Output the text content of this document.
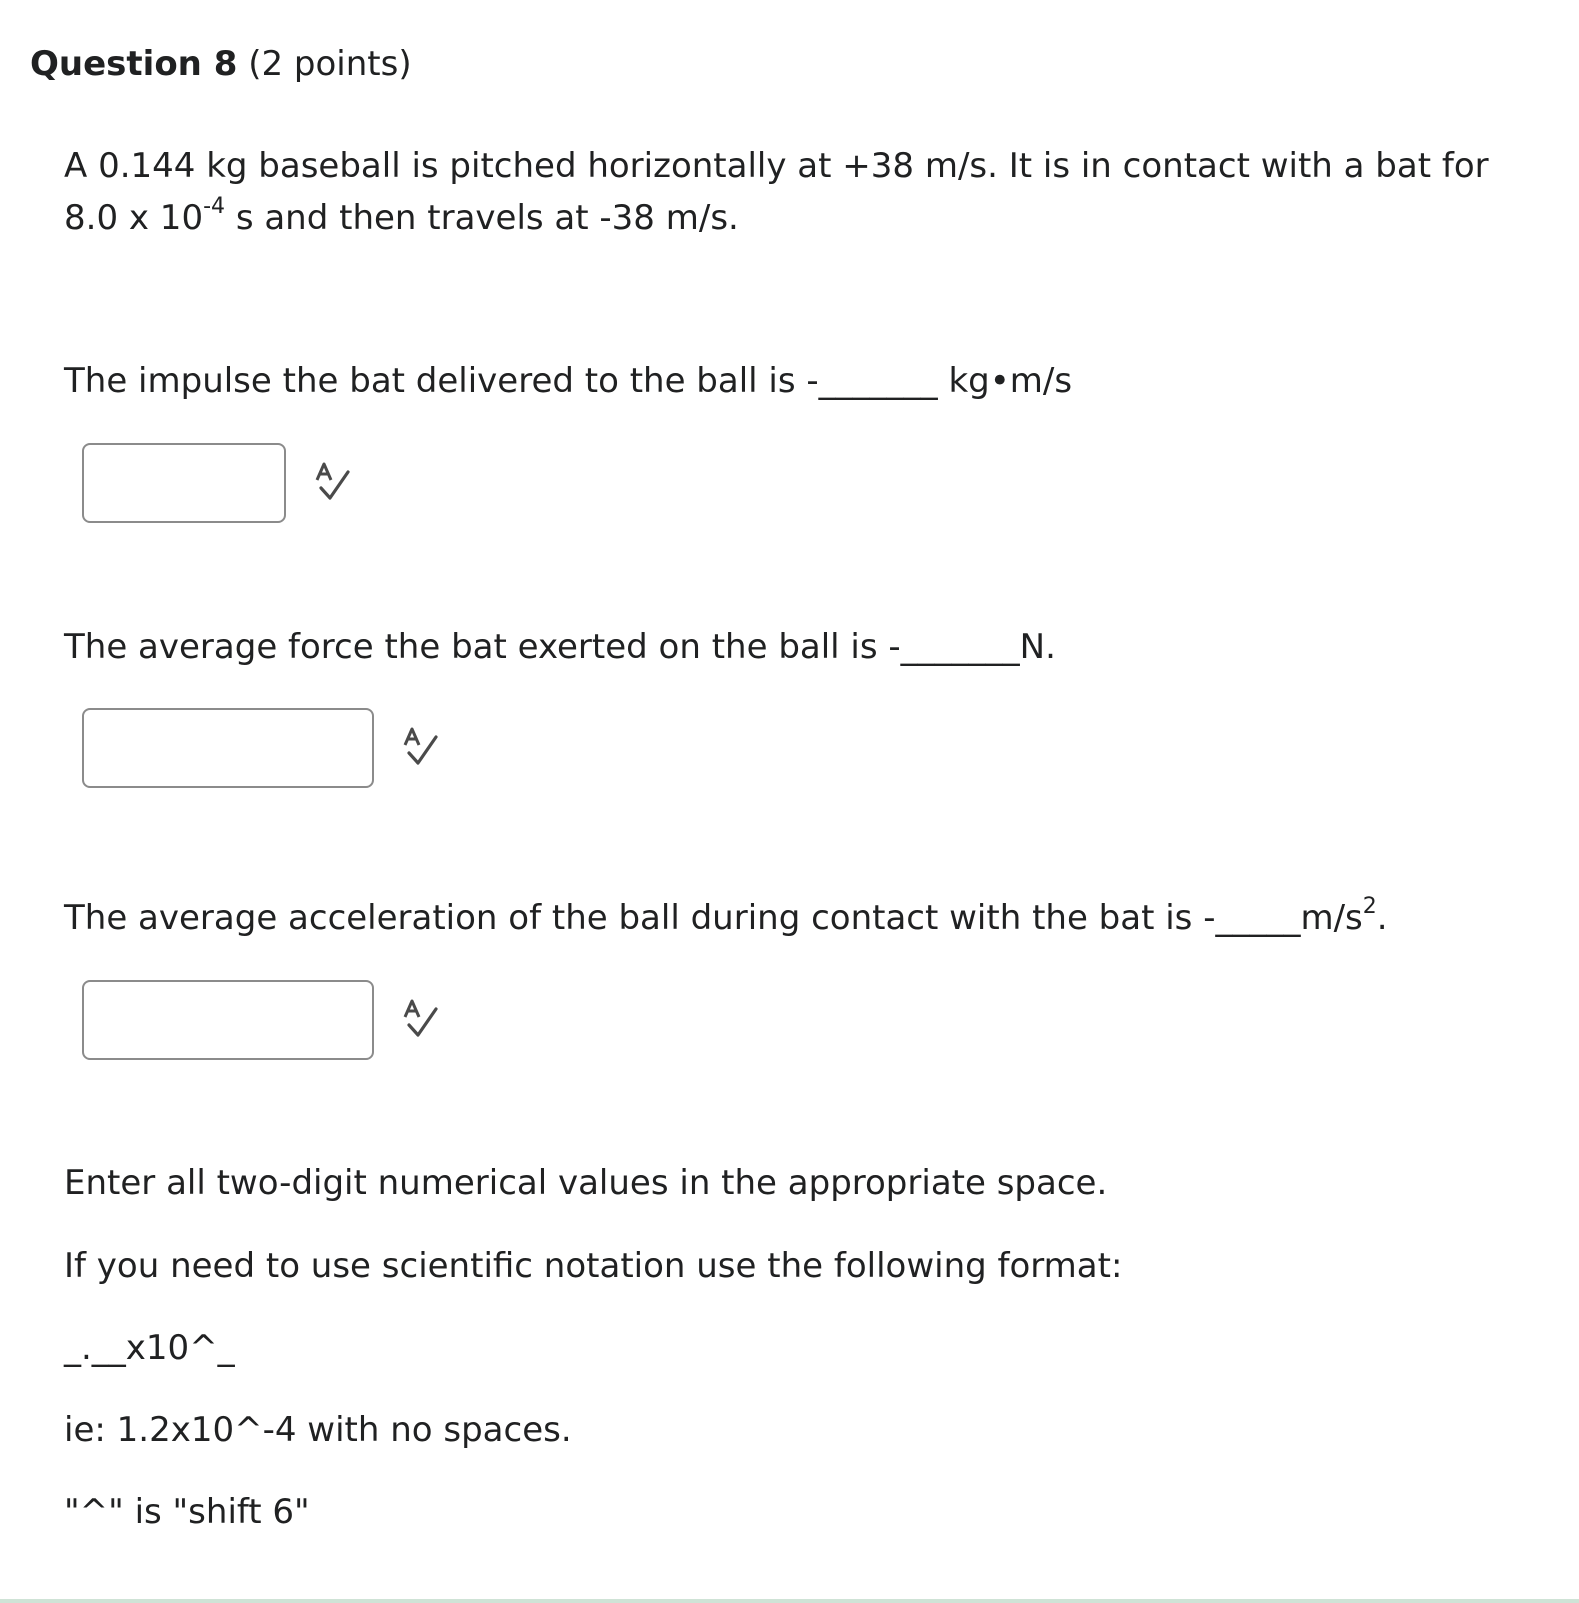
Question 8 (2 points)
A 0.144 kg baseball is pitched horizontally at +38 m/s. It is in contact with a bat for
8.0 x $10^{-4}$ s and then travels at -38 m/s.
The impulse the bat delivered to the ball is -_______ kg•m/s
The average force the bat exerted on the ball is -_______N.
The average acceleration of the ball during contact with the bat is $-\_\_\_\_\_m/s^2$.
Enter all two-digit numerical values in the appropriate space.
If you need to use scientific notation use the following format:
_.__x10^_
ie: 1.2x10^-4 with no spaces.
"^" is "shift 6"
